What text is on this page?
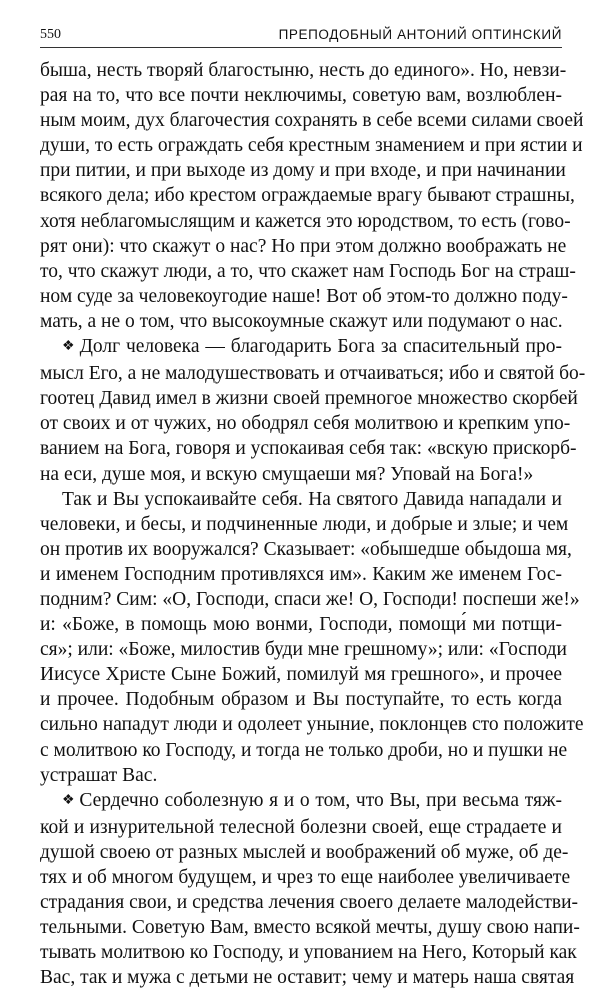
550	ПРЕПОДОБНЫЙ АНТОНИЙ ОПТИНСКИЙ

быша, несть творяй благостыню, несть до единого». Но, невзи-
рая на то, что все почти неключимы, советую вам, возлюблен-
ным моим, дух благочестия сохранять в себе всеми силами своей
души, то есть ограждать себя крестным знамением и при ястии и
при питии, и при выходе из дому и при входе, и при начинании
всякого дела; ибо крестом ограждаемые врагу бывают страшны,
хотя неблагомыслящим и кажется это юродством, то есть (гово-
рят они): что скажут о нас? Но при этом должно воображать не
то, что скажут люди, а то, что скажет нам Господь Бог на страш-
ном суде за человекоугодие наше! Вот об этом-то должно поду-
мать, а не о том, что высокоумные скажут или подумают о нас.

❖ Долг человека — благодарить Бога за спасительный про-
мысл Его, а не малодушествовать и отчаиваться; ибо и святой бо-
гоотец Давид имел в жизни своей премногое множество скорбей
от своих и от чужих, но ободрял себя молитвою и крепким упо-
ванием на Бога, говоря и успокаивая себя так: «вскую прискорб-
на еси, душе моя, и вскую смущаеши мя? Уповай на Бога!»

Так и Вы успокаивайте себя. На святого Давида нападали и
человеки, и бесы, и подчиненные люди, и добрые и злые; и чем
он против их вооружался? Сказывает: «обышедше обыдоша мя,
и именем Господним противляхся им». Каким же именем Гос-
подним? Сим: «О, Господи, спаси же! О, Господи! поспеши же!»
и: «Боже, в помощь мою вонми, Господи, помощи́ ми потщи-
ся»; или: «Боже, милостив буди мне грешному»; или: «Господи
Иисусе Христе Сыне Божий, помилуй мя грешного», и прочее
и прочее. Подобным образом и Вы поступайте, то есть когда
сильно нападут люди и одолеет уныние, поклонцев сто положите
с молитвою ко Господу, и тогда не только дроби, но и пушки не
устрашат Вас.

❖ Сердечно соболезную я и о том, что Вы, при весьма тяж-
кой и изнурительной телесной болезни своей, еще страдаете и
душой своею от разных мыслей и воображений об муже, об де-
тях и об многом будущем, и чрез то еще наиболее увеличиваете
страдания свои, и средства лечения своего делаете малодействи-
тельными. Советую Вам, вместо всякой мечты, душу свою напи-
тывать молитвою ко Господу, и упованием на Него, Который как
Вас, так и мужа с детьми не оставит; чему и матерь наша святая
